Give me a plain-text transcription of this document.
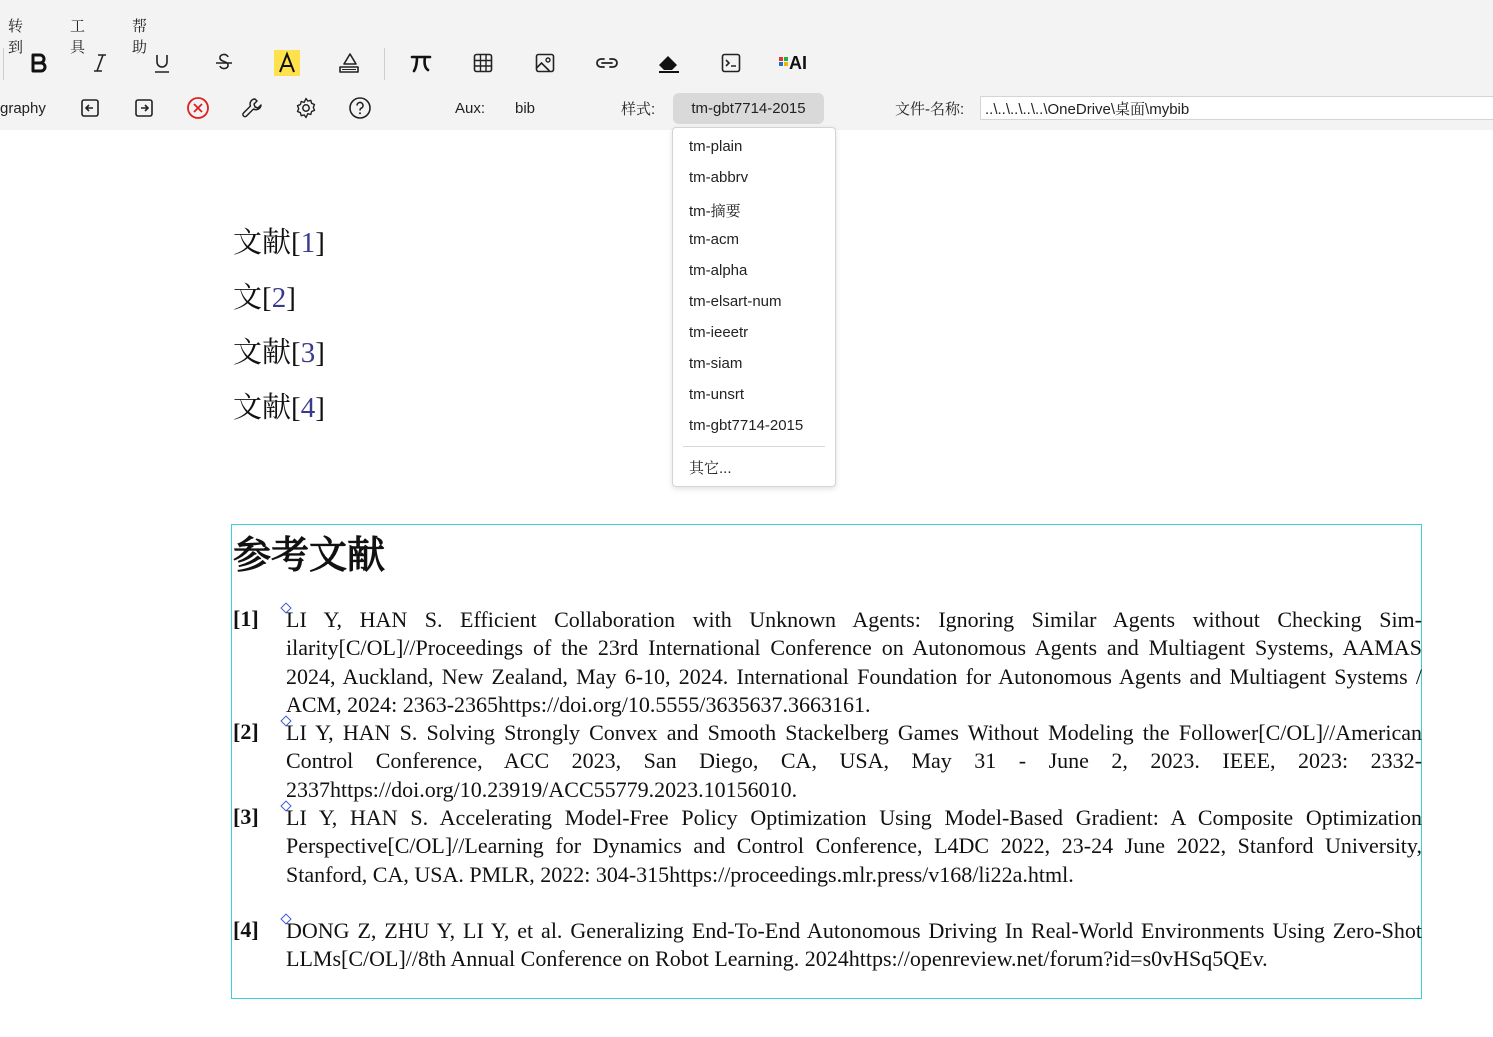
转到
工具
帮助
AI
graphy	Aux: bib	样式:	tm-gbt7714-2015	文件-名称:
..\..\..\..\..\OneDrive\桌面\mybib
tm-plain
tm-abbrv
tm-摘要
tm-acm
tm-alpha
tm-elsart-num
tm-ieeetr
tm-siam
tm-unsrt
tm-gbt7714-2015
其它...
文献[1]
文[2]
文献[3]
文献[4]
参考文献
[1] LI Y, HAN S. Efficient Collaboration with Unknown Agents: Ignoring Similar Agents without Checking Sim-ilarity[C/OL]//Proceedings of the 23rd International Conference on Autonomous Agents and Multiagent Systems, AAMAS 2024, Auckland, New Zealand, May 6-10, 2024. International Foundation for Autonomous Agents and Multiagent Systems / ACM, 2024: 2363-2365https://doi.org/10.5555/3635637.3663161.
[2] LI Y, HAN S. Solving Strongly Convex and Smooth Stackelberg Games Without Modeling the Follower[C/OL]//American Control Conference, ACC 2023, San Diego, CA, USA, May 31 - June 2, 2023. IEEE, 2023: 2332-2337https://doi.org/10.23919/ACC55779.2023.10156010.
[3] LI Y, HAN S. Accelerating Model-Free Policy Optimization Using Model-Based Gradient: A Composite Optimization Perspective[C/OL]//Learning for Dynamics and Control Conference, L4DC 2022, 23-24 June 2022, Stanford University, Stanford, CA, USA. PMLR, 2022: 304-315https://proceedings.mlr.press/v168/li22a.html.
[4] DONG Z, ZHU Y, LI Y, et al. Generalizing End-To-End Autonomous Driving In Real-World Environments Using Zero-Shot LLMs[C/OL]//8th Annual Conference on Robot Learning. 2024https://openreview.net/forum?id=s0vHSq5QEv.
